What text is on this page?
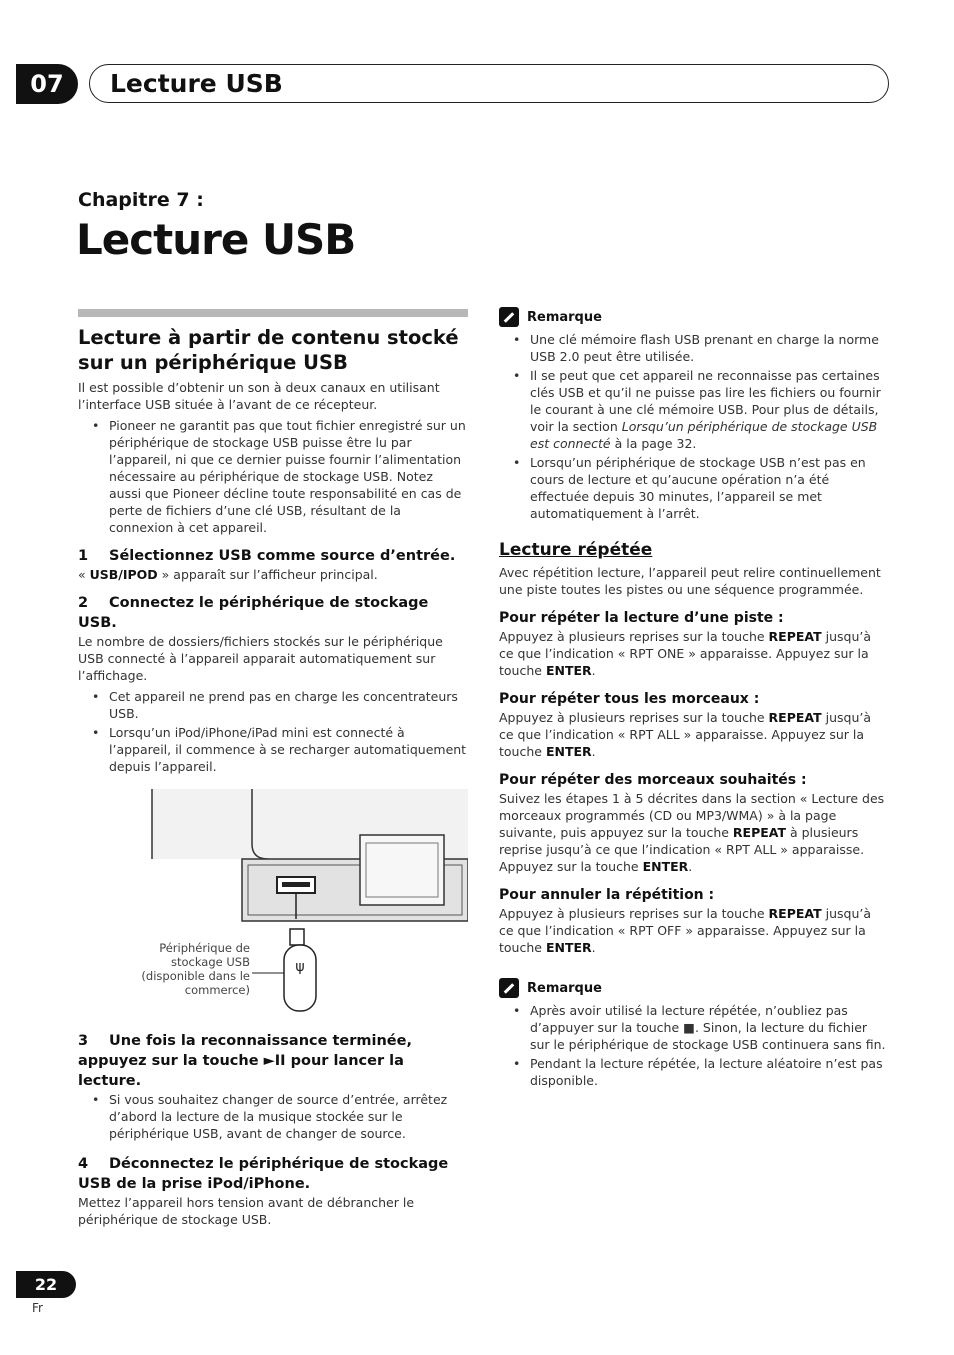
07	Lecture USB
Chapitre 7 :
Lecture USB
Lecture à partir de contenu stocké sur un périphérique USB

Il est possible d’obtenir un son à deux canaux en utilisant l’interface USB située à l’avant de ce récepteur.

• Pioneer ne garantit pas que tout fichier enregistré sur un périphérique de stockage USB puisse être lu par l’appareil, ni que ce dernier puisse fournir l’alimentation nécessaire au périphérique de stockage USB. Notez aussi que Pioneer décline toute responsabilité en cas de perte de fichiers d’une clé USB, résultant de la connexion à cet appareil.
1 Sélectionnez USB comme source d’entrée.

« USB/IPOD » apparaît sur l’afficheur principal.

2 Connectez le périphérique de stockage USB.

Le nombre de dossiers/fichiers stockés sur le périphérique USB connecté à l’appareil apparait automatiquement sur l’affichage.

• Cet appareil ne prend pas en charge les concentrateurs USB.
• Lorsqu’un iPod/iPhone/iPad mini est connecté à l’appareil, il commence à se recharger automatiquement depuis l’appareil.
ψ
Périphérique de
stockage USB
(disponible dans le
commerce)
3 Une fois la reconnaissance terminée, appuyez sur la touche ►II pour lancer la lecture.
• Si vous souhaitez changer de source d’entrée, arrêtez d’abord la lecture de la musique stockée sur le périphérique USB, avant de changer de source.
4 Déconnectez le périphérique de stockage USB de la prise iPod/iPhone.

Mettez l’appareil hors tension avant de débrancher le périphérique de stockage USB.

Remarque
• Une clé mémoire flash USB prenant en charge la norme USB 2.0 peut être utilisée.
• Il se peut que cet appareil ne reconnaisse pas certaines clés USB et qu’il ne puisse pas lire les fichiers ou fournir le courant à une clé mémoire USB. Pour plus de détails, voir la section Lorsqu’un périphérique de stockage USB est connecté à la page 32.
• Lorsqu’un périphérique de stockage USB n’est pas en cours de lecture et qu’aucune opération n’a été effectuée depuis 30 minutes, l’appareil se met automatiquement à l’arrêt.
Lecture répétée

Avec répétition lecture, l’appareil peut relire continuellement une piste toutes les pistes ou une séquence programmée.

Pour répéter la lecture d’une piste :

Appuyez à plusieurs reprises sur la touche REPEAT jusqu’à ce que l’indication « RPT ONE » apparaisse. Appuyez sur la touche ENTER.

Pour répéter tous les morceaux :

Appuyez à plusieurs reprises sur la touche REPEAT jusqu’à ce que l’indication « RPT ALL » apparaisse. Appuyez sur la touche ENTER.

Pour répéter des morceaux souhaités :

Suivez les étapes 1 à 5 décrites dans la section « Lecture des morceaux programmés (CD ou MP3/WMA) » à la page suivante, puis appuyez sur la touche REPEAT à plusieurs reprise jusqu’à ce que l’indication « RPT ALL » apparaisse. Appuyez sur la touche ENTER.

Pour annuler la répétition :

Appuyez à plusieurs reprises sur la touche REPEAT jusqu’à ce que l’indication « RPT OFF » apparaisse. Appuyez sur la touche ENTER.

Remarque
• Après avoir utilisé la lecture répétée, n’oubliez pas d’appuyer sur la touche ■. Sinon, la lecture du fichier sur le périphérique de stockage USB continuera sans fin.
• Pendant la lecture répétée, la lecture aléatoire n’est pas disponible.
22
Fr
